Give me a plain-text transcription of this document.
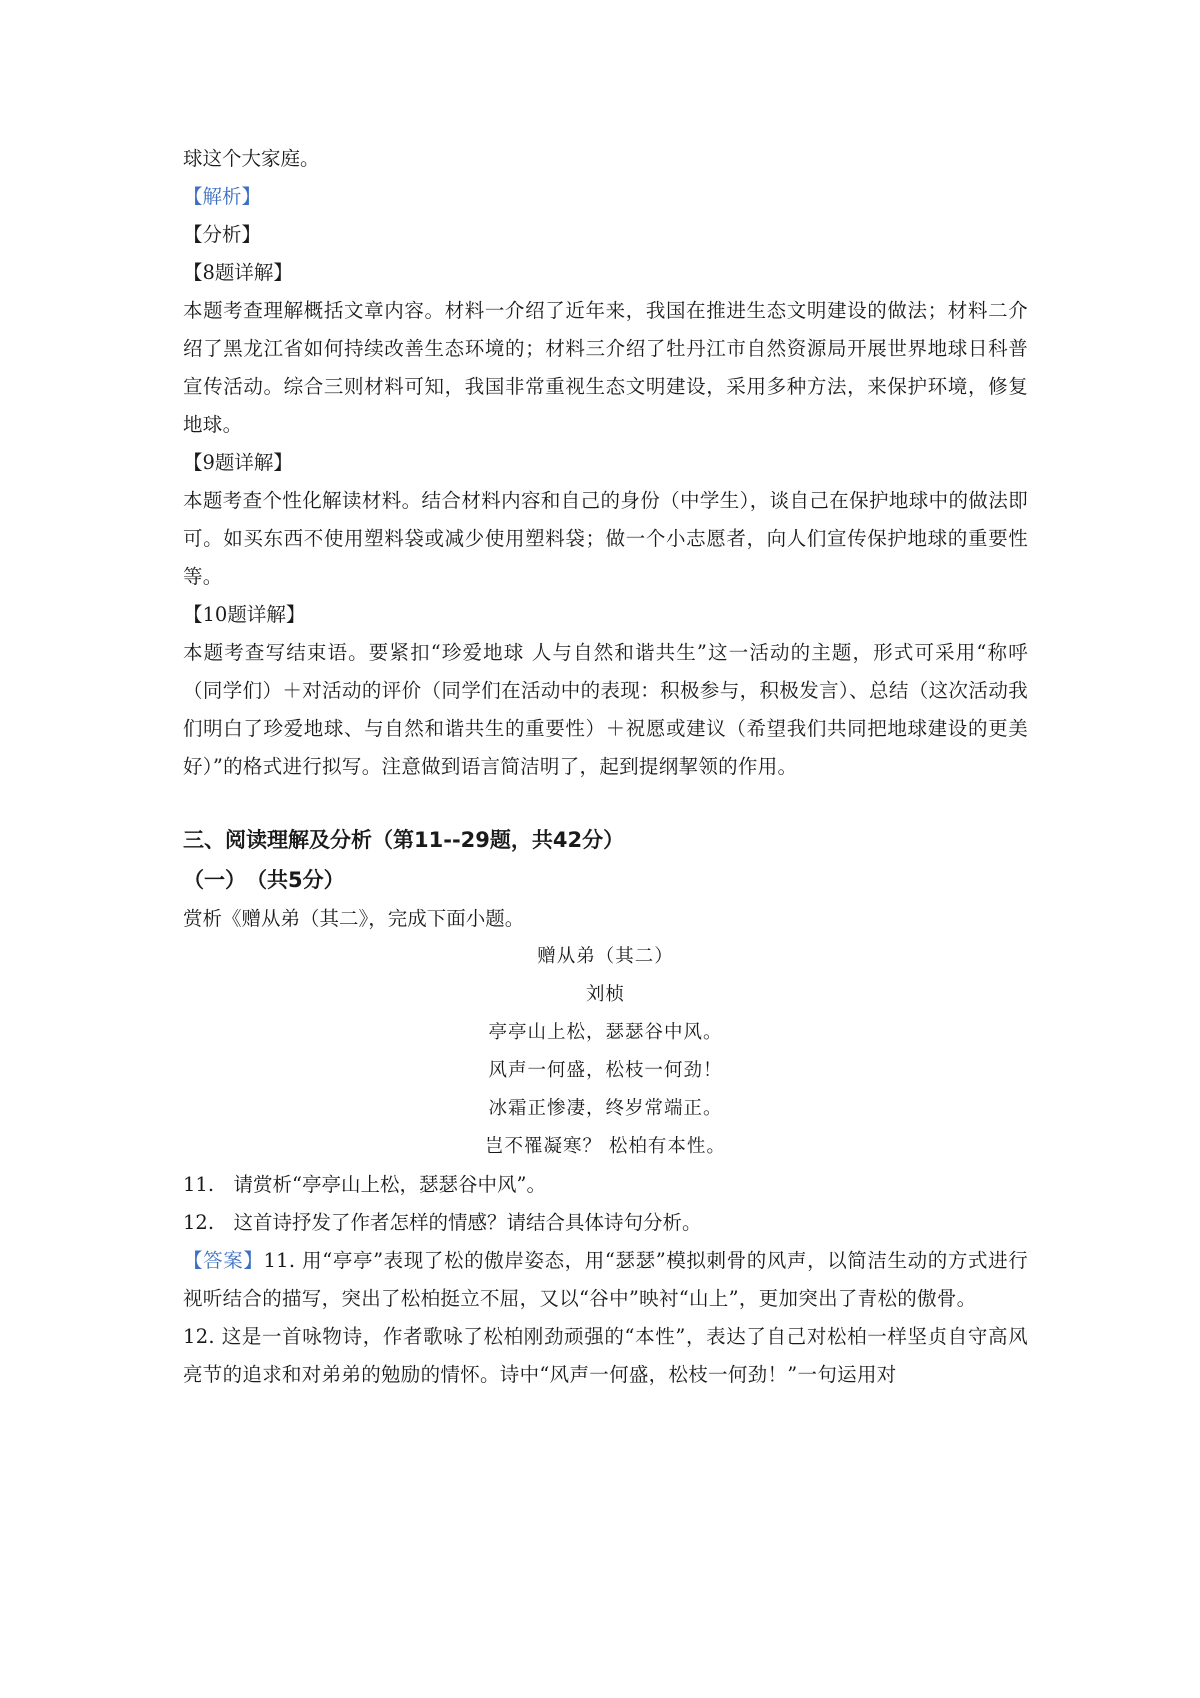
球这个大家庭。

【解析】

【分析】

【8题详解】

本题考查理解概括文章内容。材料一介绍了近年来，我国在推进生态文明建设的做法；材料二介绍了黑龙江省如何持续改善生态环境的；材料三介绍了牡丹江市自然资源局开展世界地球日科普宣传活动。综合三则材料可知，我国非常重视生态文明建设，采用多种方法，来保护环境，修复地球。

【9题详解】

本题考查个性化解读材料。结合材料内容和自己的身份（中学生），谈自己在保护地球中的做法即可。如买东西不使用塑料袋或减少使用塑料袋；做一个小志愿者，向人们宣传保护地球的重要性等。

【10题详解】

本题考查写结束语。要紧扣“珍爱地球 人与自然和谐共生”这一活动的主题，形式可采用“称呼（同学们）＋对活动的评价（同学们在活动中的表现：积极参与，积极发言）、总结（这次活动我们明白了珍爱地球、与自然和谐共生的重要性）＋祝愿或建议（希望我们共同把地球建设的更美好）”的格式进行拟写。注意做到语言简洁明了，起到提纲挈领的作用。

三、阅读理解及分析（第11--29题，共42分）

（一）　（共5分）

赏析《赠从弟（其二》，完成下面小题。

赠从弟（其二）

刘桢

亭亭山上松，瑟瑟谷中风。

风声一何盛，松枝一何劲！

冰霜正惨凄，终岁常端正。

岂不罹凝寒？ 松柏有本性。

11.　请赏析“亭亭山上松，瑟瑟谷中风”。

12.　这首诗抒发了作者怎样的情感？请结合具体诗句分析。

【答案】11. 用“亭亭”表现了松的傲岸姿态，用“瑟瑟”模拟刺骨的风声，以简洁生动的方式进行视听结合的描写，突出了松柏挺立不屈，又以“谷中”映衬“山上”，更加突出了青松的傲骨。

12. 这是一首咏物诗，作者歌咏了松柏刚劲顽强的“本性”，表达了自己对松柏一样坚贞自守高风亮节的追求和对弟弟的勉励的情怀。诗中“风声一何盛，松枝一何劲！”一句运用对
